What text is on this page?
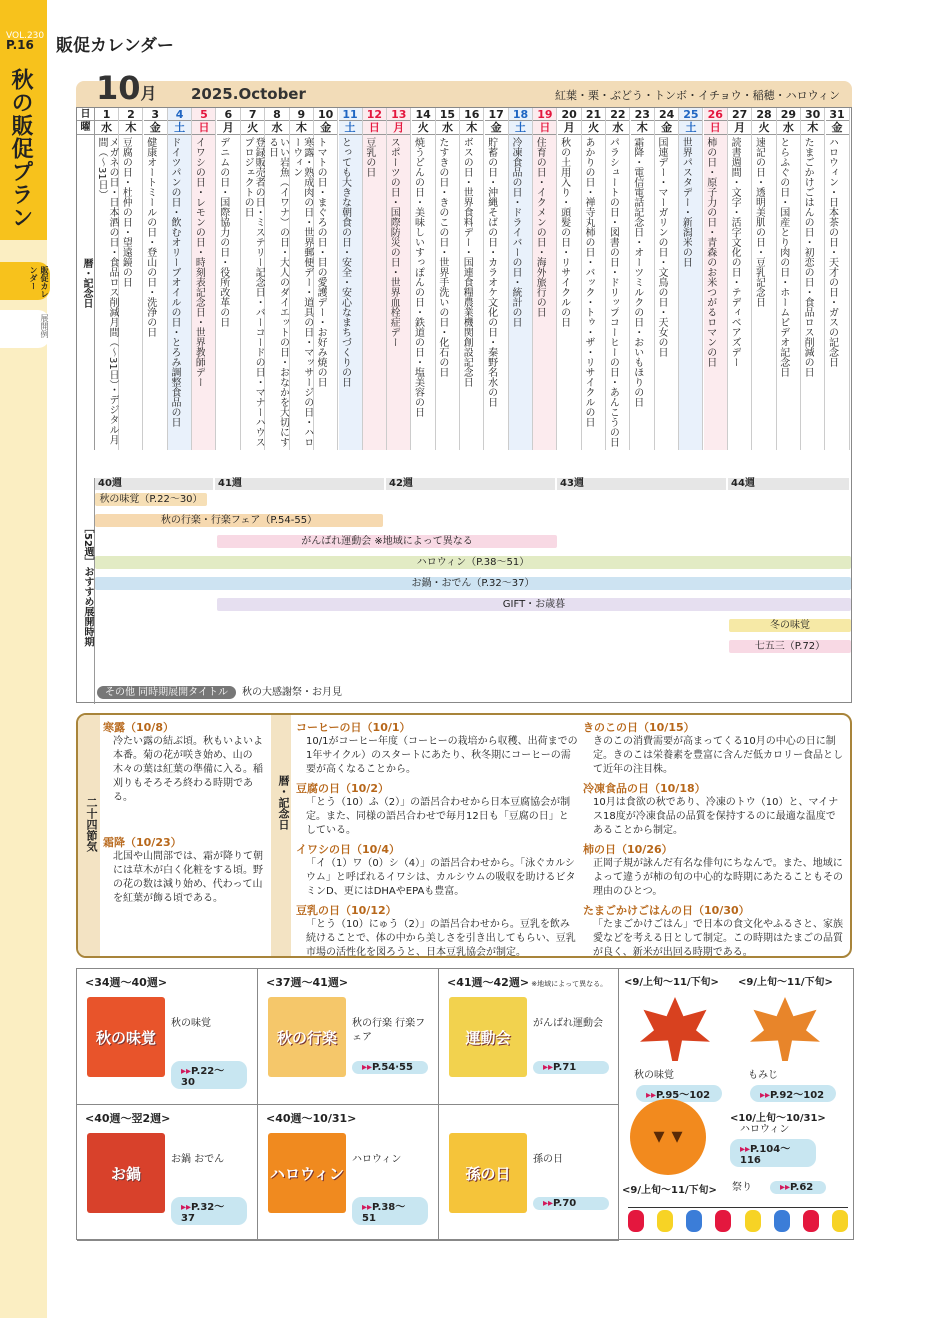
VOL.230
P.16
秋の販促プラン
販促カレンダー
展開例
販促カレンダー
10月 2025.October	紅葉・栗・ぶどう・トンボ・イチョウ・稲穂・ハロウィン
日
曜
暦・記念日
1
水
メガネの日・日本酒の日・食品ロス削減月間（〜31日）・デジタル月間（〜31日）
2
木
豆腐の日・杜仲の日・望遠鏡の日
3
金
健康オートミールの日・登山の日・洗浄の日
4
土
ドイツパンの日・飲むオリーブオイルの日・とろみ調整食品の日
5
日
イワシの日・レモンの日・時刻表記念日・世界教師デー
6
月
デニムの日・国際協力の日・役所改革の日
7
火
登録販売者の日・ミステリー記念日・バーコードの日・マナーハウスプロジェクトの日
8
水
いい岩魚（イワナ）の日・大人のダイエットの日・おなかを大切にする日
9
木
寒露・熟成肉の日・世界郵便デー・道具の日・マッサージの日・ハローウィン
10
金
トマトの日・まぐろの日・目の愛護デー・お好み焼の日
11
土
とっても大きな朝食の日・安全・安心なまちづくりの日
12
日
豆乳の日
13
月
スポーツの日・国際防災の日・世界血栓症デー
14
火
焼うどんの日・美味しいすっぽんの日・鉄道の日・塩美容の日
15
水
たすきの日・きのこの日・世界手洗いの日・化石の日
16
木
ボスの日・世界食料デー・国連食糧農業機関創設記念日
17
金
貯蓄の日・沖縄そばの日・カラオケ文化の日・秦野名水の日
18
土
冷凍食品の日・ドライバーの日・統計の日
19
日
住育の日・イクメンの日・海外旅行の日
20
月
秋の土用入り・頭髪の日・リサイクルの日
21
火
あかりの日・禅寺丸柿の日・バック・トゥ・ザ・リサイクルの日
22
水
パラシュートの日・図書の日・ドリップコーヒーの日・あんこうの日
23
木
霜降・電信電話記念日・オーツミルクの日・おいもほりの日
24
金
国連デー・マーガリンの日・文鳥の日・天女の日
25
土
世界パスタデー・新潟米の日
26
日
柿の日・原子力の日・青森のお米つがるロマンの日
27
月
読書週間・文字・活字文化の日・テディベアズデー
28
火
速記の日・透明美肌の日・豆乳記念日
29
水
とらふぐの日・国産とり肉の日・ホームビデオ記念日
30
木
たまごかけごはんの日・初恋の日・食品ロス削減の日
31
金
ハロウィン・日本茶の日・天才の日・ガスの記念日
［52週］おすすめ展開時期
40週	41週	42週	43週	44週
秋の味覚（P.22〜30）
秋の行楽・行楽フェア（P.54-55）
がんばれ運動会 ※地域によって異なる
ハロウィン（P.38〜51）
お鍋・おでん（P.32〜37）
GIFT・お歳暮
冬の味覚
七五三（P.72）
その他 同時期展開タイトル 秋の大感謝祭・お月見
二十四節気
寒露（10/8）
冷たい露の結ぶ頃。秋もいよいよ本番。菊の花が咲き始め、山の木々の葉は紅葉の準備に入る。稲刈りもそろそろ終わる時期である。
霜降（10/23）
北国や山間部では、霜が降りて朝には草木が白く化粧をする頃。野の花の数は減り始め、代わって山を紅葉が飾る頃である。
暦・記念日
コーヒーの日（10/1）
10/1がコーヒー年度（コーヒーの栽培から収穫、出荷までの1年サイクル）のスタートにあたり、秋冬期にコーヒーの需要が高くなることから。
豆腐の日（10/2）
「とう（10）ふ（2）」の語呂合わせから日本豆腐協会が制定。また、同様の語呂合わせで毎月12日も「豆腐の日」としている。
イワシの日（10/4）
「イ（1）ワ（0）シ（4）」の語呂合わせから。「泳ぐカルシウム」と呼ばれるイワシは、カルシウムの吸収を助けるビタミンD、更にはDHAやEPAも豊富。
豆乳の日（10/12）
「とう（10）にゅう（2）」の語呂合わせから。豆乳を飲み続けることで、体の中から美しさを引き出してもらい、豆乳市場の活性化を図ろうと、日本豆乳協会が制定。
きのこの日（10/15）
きのこの消費需要が高まってくる10月の中心の日に制定。きのこは栄養素を豊富に含んだ低カロリー食品として近年の注目株。
冷凍食品の日（10/18）
10月は食欲の秋であり、冷凍のトウ（10）と、マイナス18度が冷凍食品の品質を保持するのに最適な温度であることから制定。
柿の日（10/26）
正岡子規が詠んだ有名な俳句にちなんで。また、地域によって違うが柿の旬の中心的な時期にあたることもその理由のひとつ。
たまごかけごはんの日（10/30）
「たまごかけごはん」で日本の食文化やふるさと、家族愛などを考える日として制定。この時期はたまごの品質が良く、新米が出回る時期である。
<34週〜40週>
秋の味覚
秋の味覚
▸▸P.22〜30
<37週〜41週>
秋の行楽
秋の行楽 行楽フェア
▸▸P.54·55
<41週〜42週> ※地域によって異なる。
運動会
がんばれ運動会
▸▸P.71
<40週〜翌2週>
お鍋
お鍋 おでん
▸▸P.32〜37
<40週〜10/31>
ハロウィン
ハロウィン
▸▸P.38〜51
孫の日
孫の日
▸▸P.70
<9/上旬〜11/下旬>
秋の味覚
▸▸P.95〜102
<9/上旬〜11/下旬>
もみじ
▸▸P.92〜102
<10/上旬〜10/31>
ハロウィン
▸▸P.104〜116
<9/上旬〜11/下旬> 祭り	▸▸P.62
▾ ▾
